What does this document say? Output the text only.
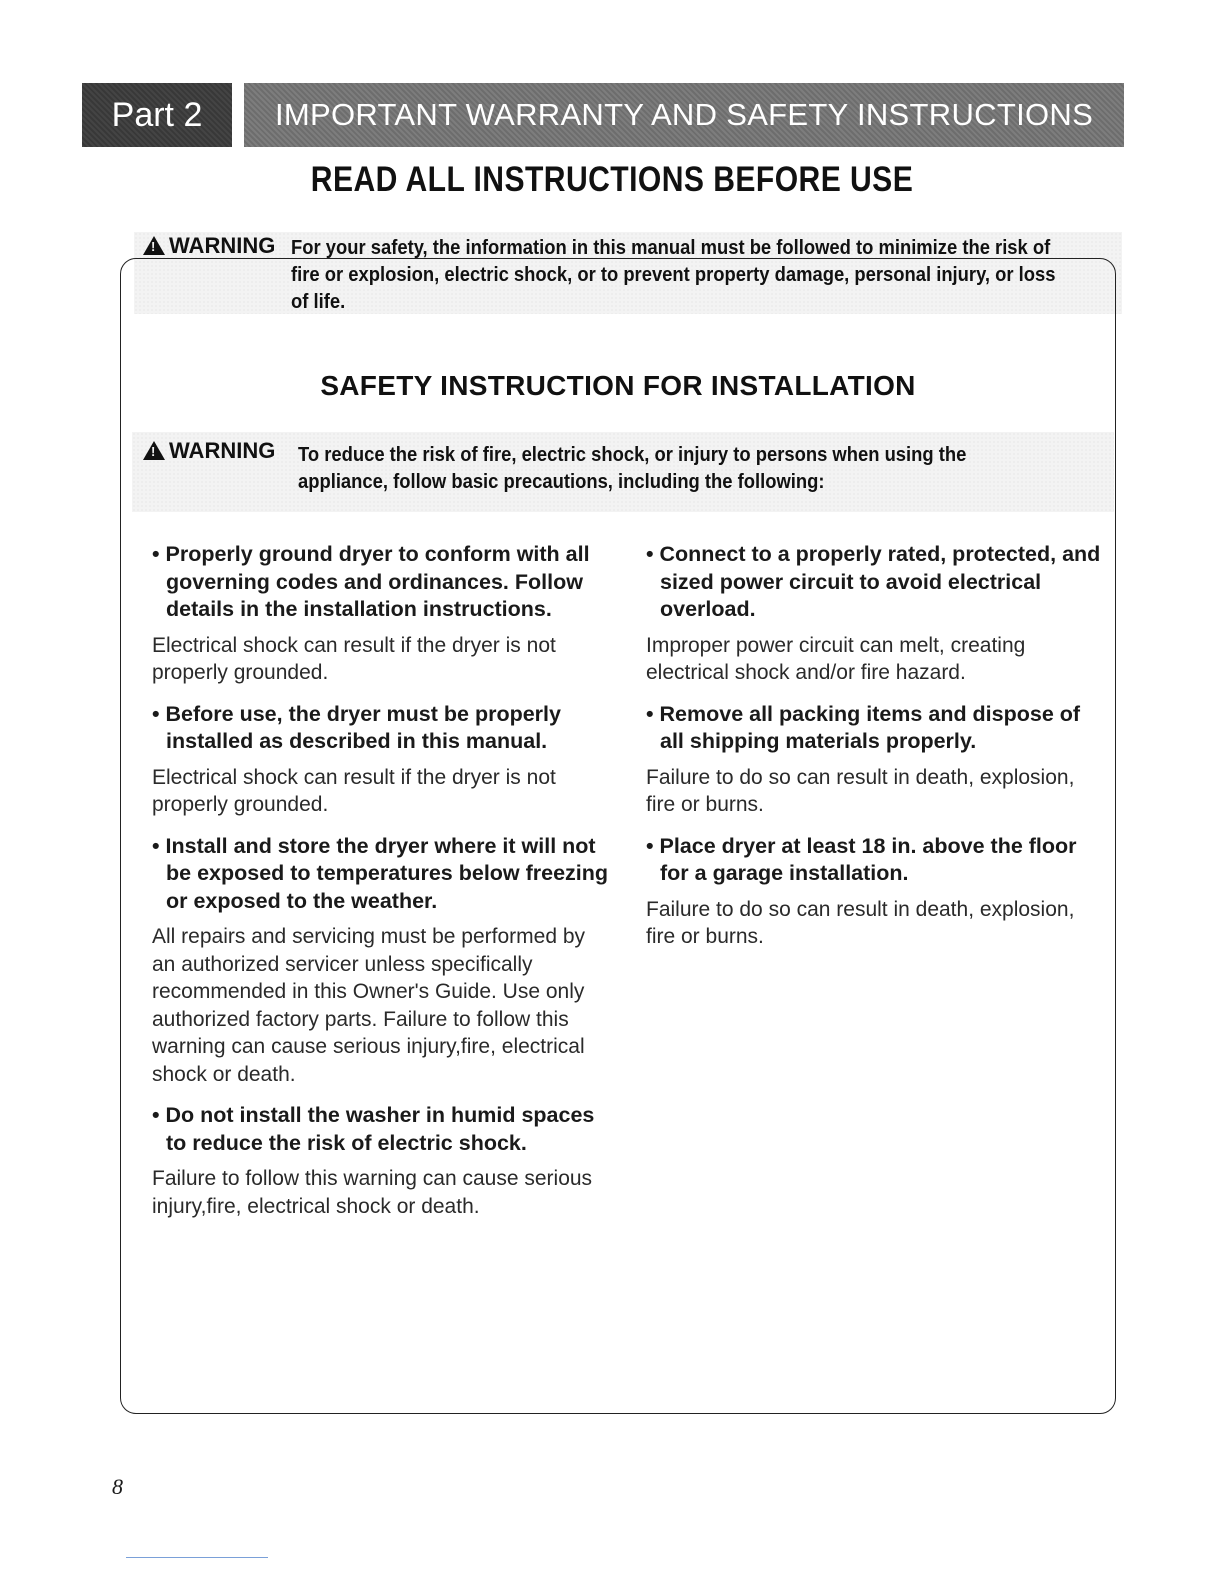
Part 2	IMPORTANT WARRANTY AND SAFETY INSTRUCTIONS
READ ALL INSTRUCTIONS BEFORE USE
!WARNING For your safety, the information in this manual must be followed to minimize the risk of
fire or explosion, electric shock, or to prevent property damage, personal injury, or loss
of life.
SAFETY INSTRUCTION FOR INSTALLATION
!WARNING To reduce the risk of fire, electric shock, or injury to persons when using the
appliance, follow basic precautions, including the following:
• Properly ground dryer to conform with all governing codes and ordinances. Follow details in the installation instructions.
Electrical shock can result if the dryer is not properly grounded.
• Before use, the dryer must be properly installed as described in this manual.
Electrical shock can result if the dryer is not properly grounded.
• Install and store the dryer where it will not be exposed to temperatures below freezing or exposed to the weather.
All repairs and servicing must be performed by an authorized servicer unless specifically recommended in this Owner's Guide. Use only authorized factory parts. Failure to follow this warning can cause serious injury,fire, electrical shock or death.
• Do not install the washer in humid spaces to reduce the risk of electric shock.
Failure to follow this warning can cause serious injury,fire, electrical shock or death.
• Connect to a properly rated, protected, and sized power circuit to avoid electrical overload.
Improper power circuit can melt, creating electrical shock and/or fire hazard.
• Remove all packing items and dispose of all shipping materials properly.
Failure to do so can result in death, explosion, fire or burns.
• Place dryer at least 18 in. above the floor for a garage installation.
Failure to do so can result in death, explosion, fire or burns.
8
